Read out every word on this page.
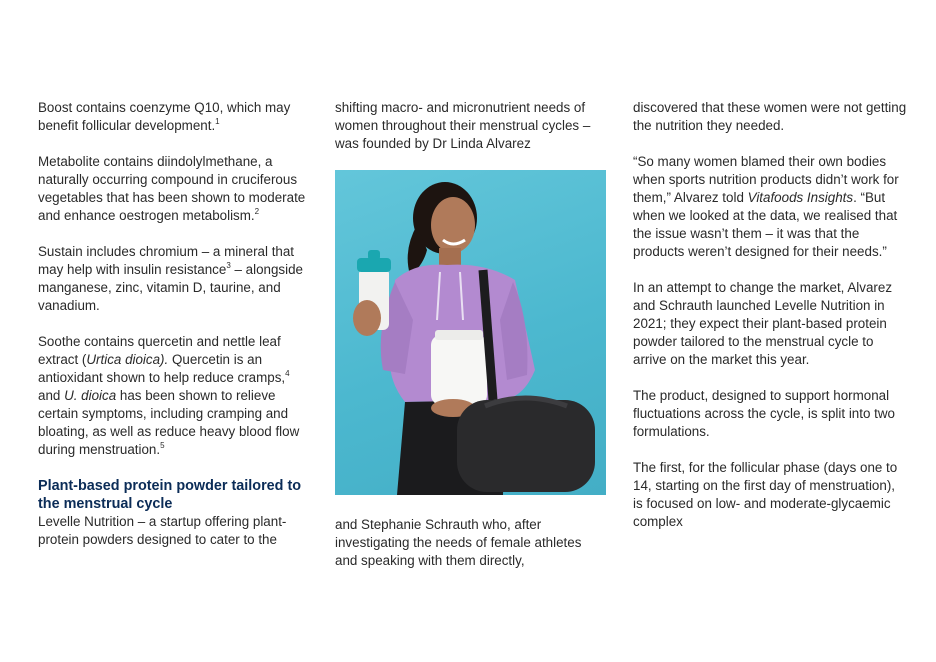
Boost contains coenzyme Q10, which may benefit follicular development.$^1$

Metabolite contains diindolylmethane, a naturally occurring compound in cruciferous vegetables that has been shown to moderate and enhance oestrogen metabolism.$^2$

Sustain includes chromium – a mineral that may help with insulin resistance$^3$ – alongside manganese, zinc, vitamin D, taurine, and vanadium.

Soothe contains quercetin and nettle leaf extract (Urtica dioica). Quercetin is an antioxidant shown to help reduce cramps,$^4$ and U. dioica has been shown to relieve certain symptoms, including cramping and bloating, as well as reduce heavy blood flow during menstruation.$^5$

Plant-based protein powder tailored to the menstrual cycle

Levelle Nutrition – a startup offering plant-protein powders designed to cater to the

shifting macro- and micronutrient needs of women throughout their menstrual cycles – was founded by Dr Linda Alvarez

and Stephanie Schrauth who, after investigating the needs of female athletes and speaking with them directly,

discovered that these women were not getting the nutrition they needed.

“So many women blamed their own bodies when sports nutrition products didn’t work for them,” Alvarez told Vitafoods Insights. “But when we looked at the data, we realised that the issue wasn’t them – it was that the products weren’t designed for their needs.”

In an attempt to change the market, Alvarez and Schrauth launched Levelle Nutrition in 2021; they expect their plant-based protein powder tailored to the menstrual cycle to arrive on the market this year.

The product, designed to support hormonal fluctuations across the cycle, is split into two formulations.

The first, for the follicular phase (days one to 14, starting on the first day of menstruation), is focused on low- and moderate-glycaemic complex
